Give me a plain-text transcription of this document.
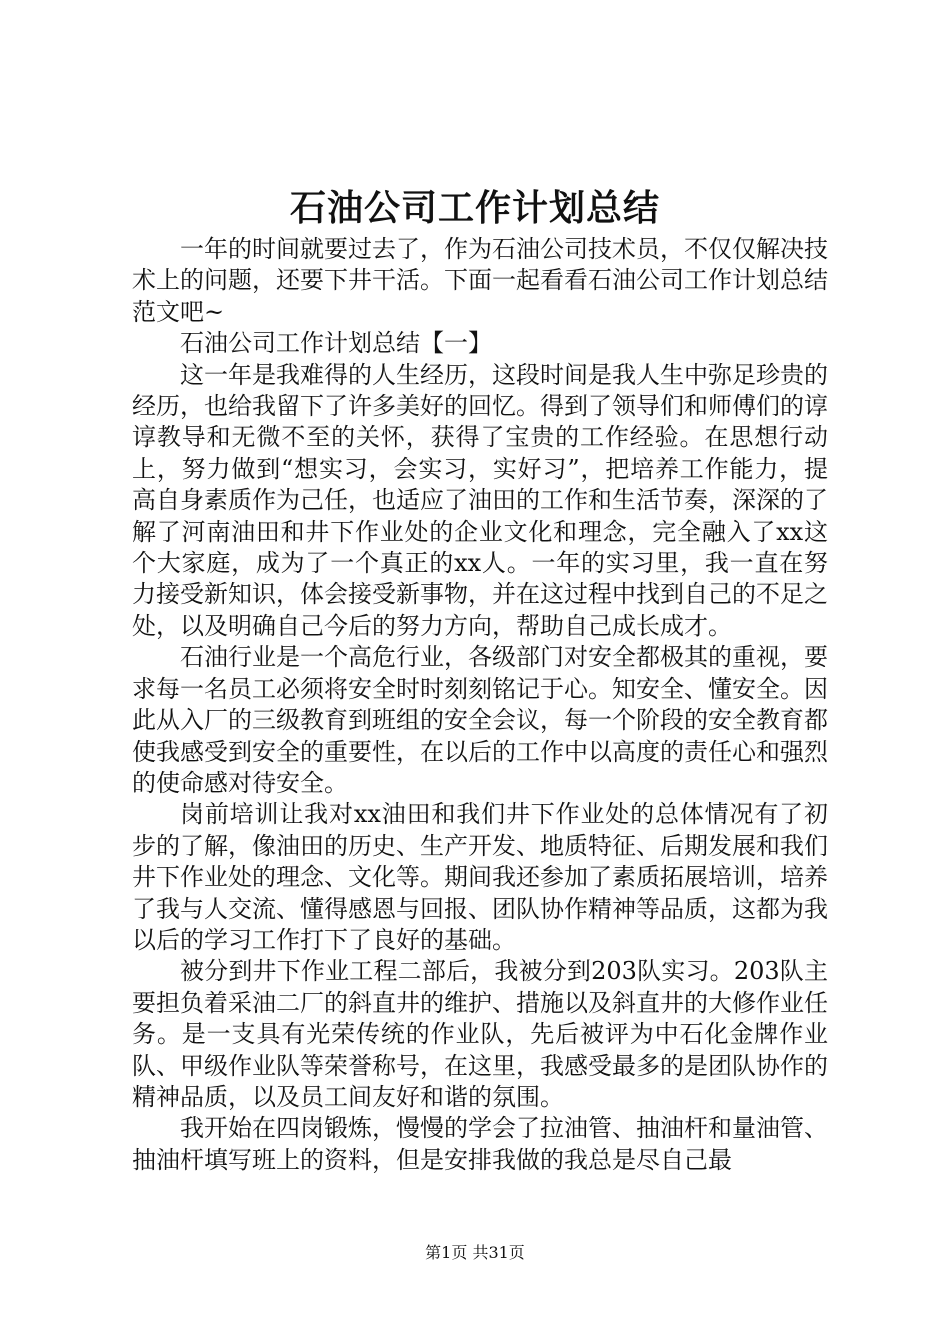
石油公司工作计划总结

一年的时间就要过去了，作为石油公司技术员，不仅仅解决技术上的问题，还要下井干活。下面一起看看石油公司工作计划总结范文吧~

石油公司工作计划总结【一】

这一年是我难得的人生经历，这段时间是我人生中弥足珍贵的经历，也给我留下了许多美好的回忆。得到了领导们和师傅们的谆谆教导和无微不至的关怀，获得了宝贵的工作经验。在思想行动上，努力做到“想实习，会实习，实好习”，把培养工作能力，提高自身素质作为己任，也适应了油田的工作和生活节奏，深深的了解了河南油田和井下作业处的企业文化和理念，完全融入了xx这个大家庭，成为了一个真正的xx人。一年的实习里，我一直在努力接受新知识，体会接受新事物，并在这过程中找到自己的不足之处，以及明确自己今后的努力方向，帮助自己成长成才。

石油行业是一个高危行业，各级部门对安全都极其的重视，要求每一名员工必须将安全时时刻刻铭记于心。知安全、懂安全。因此从入厂的三级教育到班组的安全会议，每一个阶段的安全教育都使我感受到安全的重要性，在以后的工作中以高度的责任心和强烈的使命感对待安全。

岗前培训让我对xx油田和我们井下作业处的总体情况有了初步的了解，像油田的历史、生产开发、地质特征、后期发展和我们井下作业处的理念、文化等。期间我还参加了素质拓展培训，培养了我与人交流、懂得感恩与回报、团队协作精神等品质，这都为我以后的学习工作打下了良好的基础。

被分到井下作业工程二部后，我被分到203队实习。203队主要担负着采油二厂的斜直井的维护、措施以及斜直井的大修作业任务。是一支具有光荣传统的作业队，先后被评为中石化金牌作业队、甲级作业队等荣誉称号，在这里，我感受最多的是团队协作的精神品质，以及员工间友好和谐的氛围。

我开始在四岗锻炼，慢慢的学会了拉油管、抽油杆和量油管、抽油杆填写班上的资料，但是安排我做的我总是尽自己最

第1页 共31页
